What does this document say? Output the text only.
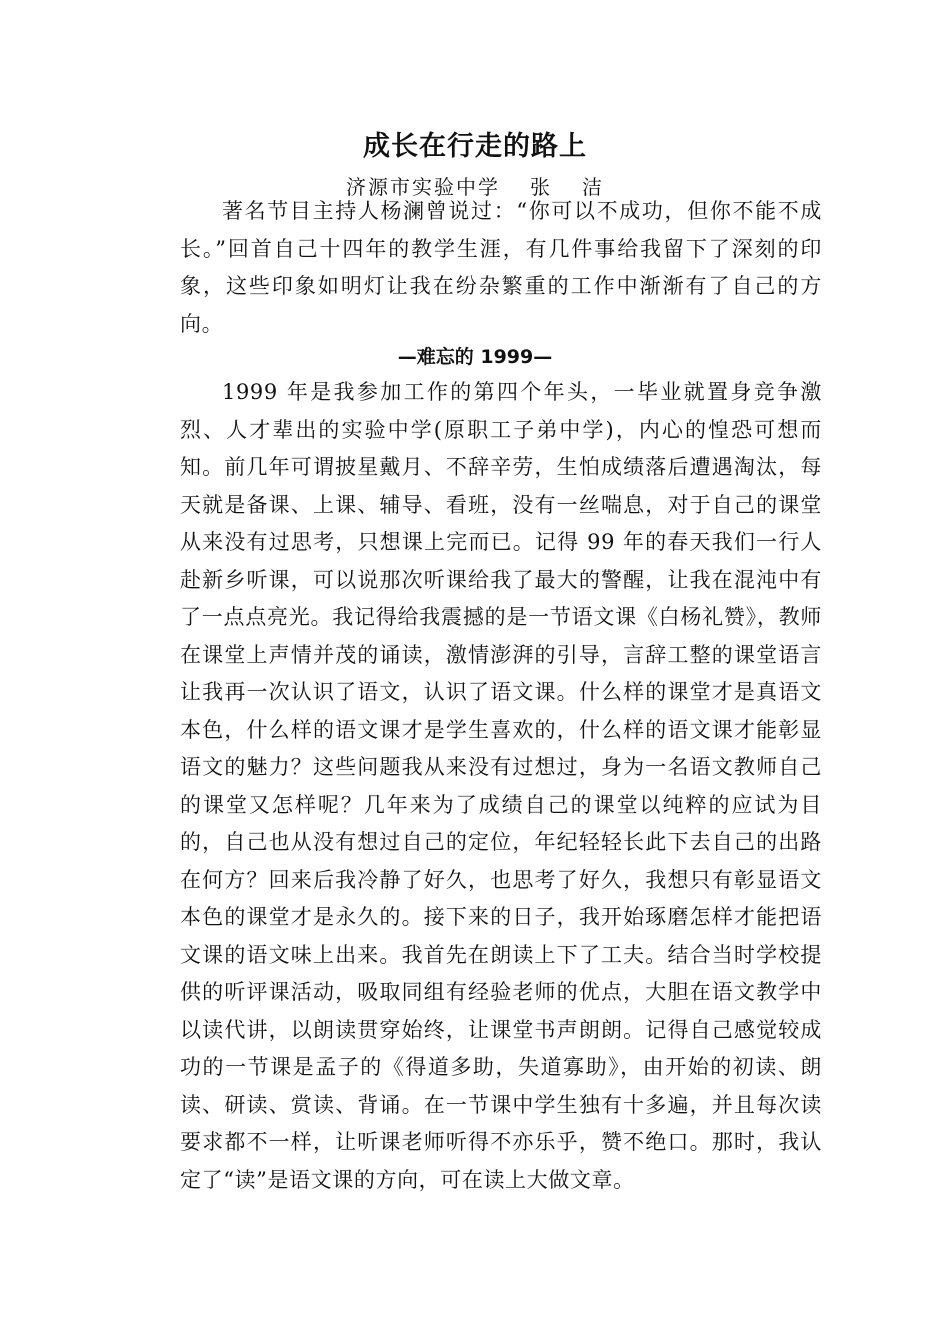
成长在行走的路上

济源市实验中学 张 洁

著名节目主持人杨澜曾说过：“你可以不成功，但你不能不成长。”回首自己十四年的教学生涯，有几件事给我留下了深刻的印象，这些印象如明灯让我在纷杂繁重的工作中渐渐有了自己的方向。

—难忘的 1999—

1999 年是我参加工作的第四个年头，一毕业就置身竞争激烈、人才辈出的实验中学(原职工子弟中学)，内心的惶恐可想而知。前几年可谓披星戴月、不辞辛劳，生怕成绩落后遭遇淘汰，每天就是备课、上课、辅导、看班，没有一丝喘息，对于自己的课堂从来没有过思考，只想课上完而已。记得 99 年的春天我们一行人赴新乡听课，可以说那次听课给我了最大的警醒，让我在混沌中有了一点点亮光。我记得给我震撼的是一节语文课《白杨礼赞》，教师在课堂上声情并茂的诵读，激情澎湃的引导，言辞工整的课堂语言让我再一次认识了语文，认识了语文课。什么样的课堂才是真语文本色，什么样的语文课才是学生喜欢的，什么样的语文课才能彰显语文的魅力？这些问题我从来没有过想过，身为一名语文教师自己的课堂又怎样呢？几年来为了成绩自己的课堂以纯粹的应试为目的，自己也从没有想过自己的定位，年纪轻轻长此下去自己的出路在何方？回来后我冷静了好久，也思考了好久，我想只有彰显语文本色的课堂才是永久的。接下来的日子，我开始琢磨怎样才能把语文课的语文味上出来。我首先在朗读上下了工夫。结合当时学校提供的听评课活动，吸取同组有经验老师的优点，大胆在语文教学中以读代讲，以朗读贯穿始终，让课堂书声朗朗。记得自己感觉较成功的一节课是孟子的《得道多助，失道寡助》，由开始的初读、朗读、研读、赏读、背诵。在一节课中学生独有十多遍，并且每次读要求都不一样，让听课老师听得不亦乐乎，赞不绝口。那时，我认定了“读”是语文课的方向，可在读上大做文章。
